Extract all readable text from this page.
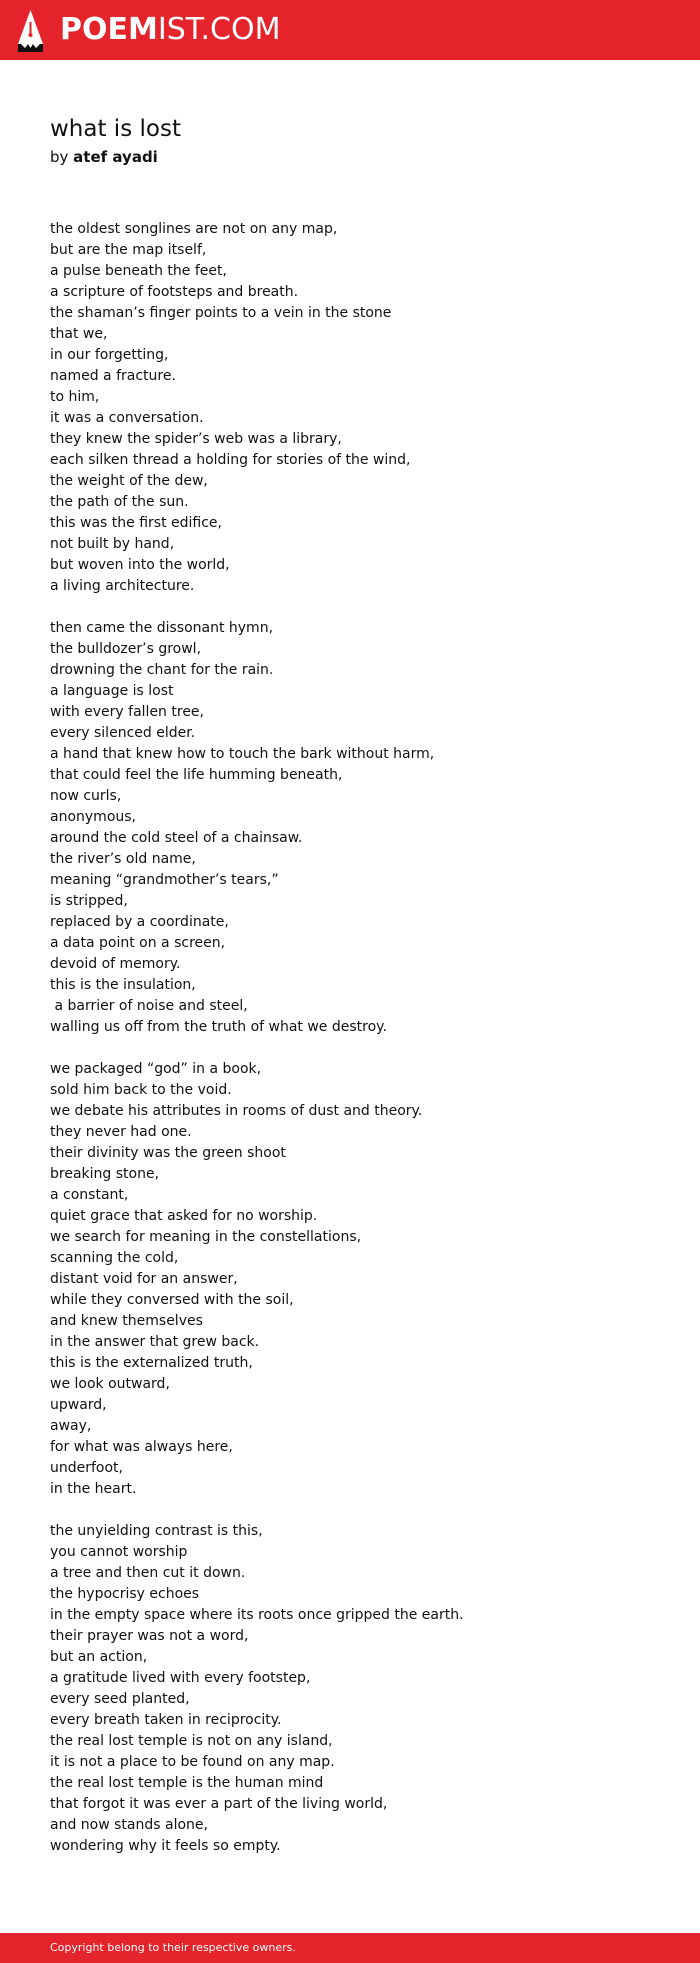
POEMIST.COM
what is lost
by atef ayadi
the oldest songlines are not on any map,
but are the map itself,
a pulse beneath the feet,
a scripture of footsteps and breath.
the shaman’s finger points to a vein in the stone
that we,
in our forgetting,
named a fracture.
to him,
it was a conversation.
they knew the spider’s web was a library,
each silken thread a holding for stories of the wind,
the weight of the dew,
the path of the sun.
this was the first edifice,
not built by hand,
but woven into the world,
a living architecture.
then came the dissonant hymn,
the bulldozer’s growl,
drowning the chant for the rain.
a language is lost
with every fallen tree,
every silenced elder.
a hand that knew how to touch the bark without harm,
that could feel the life humming beneath,
now curls,
anonymous,
around the cold steel of a chainsaw.
the river’s old name,
meaning “grandmother’s tears,”
is stripped,
replaced by a coordinate,
a data point on a screen,
devoid of memory.
this is the insulation,
a barrier of noise and steel,
walling us off from the truth of what we destroy.
we packaged “god” in a book,
sold him back to the void.
we debate his attributes in rooms of dust and theory.
they never had one.
their divinity was the green shoot
breaking stone,
a constant,
quiet grace that asked for no worship.
we search for meaning in the constellations,
scanning the cold,
distant void for an answer,
while they conversed with the soil,
and knew themselves
in the answer that grew back.
this is the externalized truth,
we look outward,
upward,
away,
for what was always here,
underfoot,
in the heart.
the unyielding contrast is this,
you cannot worship
a tree and then cut it down.
the hypocrisy echoes
in the empty space where its roots once gripped the earth.
their prayer was not a word,
but an action,
a gratitude lived with every footstep,
every seed planted,
every breath taken in reciprocity.
the real lost temple is not on any island,
it is not a place to be found on any map.
the real lost temple is the human mind
that forgot it was ever a part of the living world,
and now stands alone,
wondering why it feels so empty.
Copyright belong to their respective owners.
